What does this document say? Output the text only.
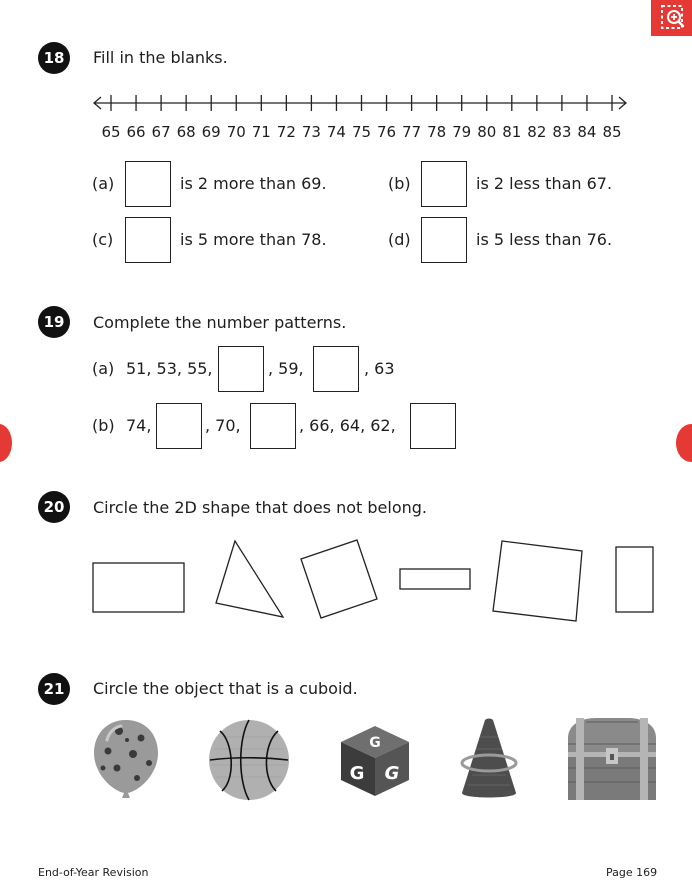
18	Fill in the blanks.
65 66 67 68 69 70 71 72 73 74 75 76 77 78 79 80 81 82 83 84 85
(a)	is 2 more than 69.	(b)	is 2 less than 67.
(c)	is 5 more than 78.	(d)	is 5 less than 76.
19	Complete the number patterns.
(a) 51, 53, 55,	, 59,	, 63
(b) 74,	, 70,	, 66, 64, 62,
20	Circle the 2D shape that does not belong.
21	Circle the object that is a cuboid.
G
G G
End-of-Year Revision	Page 169
